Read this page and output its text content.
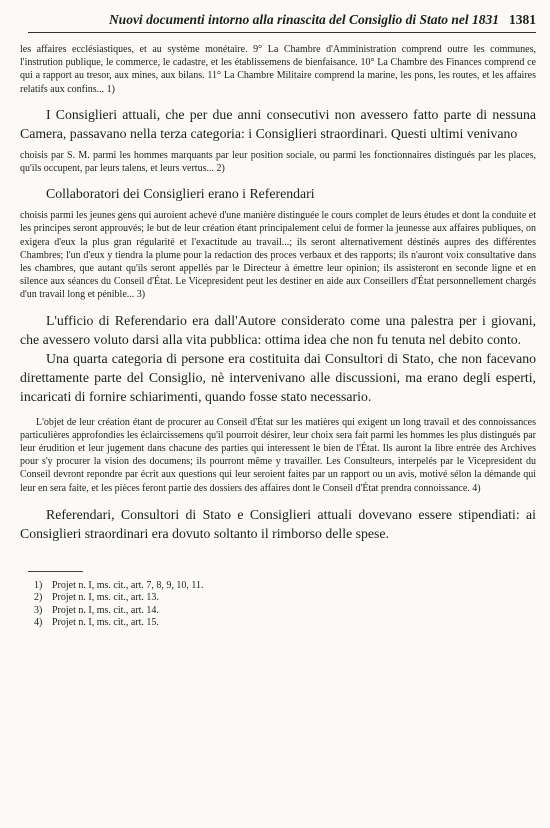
Nuovi documenti intorno alla rinascita del Consiglio di Stato nel 1831 1381

les affaires ecclésiastiques, et au système monétaire. 9° La Chambre d'Amministration comprend outre les communes, l'instrution publique, le commerce, le cadastre, et les établissemens de bienfaisance. 10° La Chambre des Finances comprend ce qui a rapport au tresor, aux mines, aux bilans. 11° La Chambre Militaire comprend la marine, les pons, les routes, et les affaires relatifs aux confins... 1)

I Consiglieri attuali, che per due anni consecutivi non avessero fatto parte di nessuna Camera, passavano nella terza categoria: i Consiglieri straordinari. Questi ultimi venivano

choisis par S. M. parmi les hommes marquants par leur position sociale, ou parmi les fonctionnaires distingués par les places, qu'ils occupent, par leurs talens, et leurs vertus... 2)

Collaboratori dei Consiglieri erano i Referendari

choisis parmi les jeunes gens qui auroient achevé d'une manière distinguée le cours complet de leurs études et dont la conduite et les principes seront approuvés; le but de leur création étant principalement celui de former la jeunesse aux affaires publiques, on exigera d'eux la plus gran régularité et l'exactitude au travail...; ils seront alternativement déstinés aupres des différentes Chambres; l'un d'eux y tiendra la plume pour la redaction des proces verbaux et des rapports; ils n'auront voix consultative dans les chambres, que autant qu'ils seront appellés par le Directeur à émettre leur opinion; ils assisteront en seconde ligne et en silence aux séances du Conseil d'État. Le Vicepresident peut les destiner en aide aux Conseillers d'État personnellement chargés d'un travail long et pénible... 3)

L'ufficio di Referendario era dall'Autore considerato come una palestra per i giovani, che avessero voluto darsi alla vita pubblica: ottima idea che non fu tenuta nel debito conto.

Una quarta categoria di persone era costituita dai Consultori di Stato, che non facevano direttamente parte del Consiglio, nè intervenivano alle discussioni, ma erano degli esperti, incaricati di fornire schiarimenti, quando fosse stato necessario.

L'objet de leur création étant de procurer au Conseil d'État sur les matières qui exigent un long travail et des connoissances particulières approfondies les éclaircissemens qu'il pourroit désirer, leur choix sera fait parmi les hommes les plus distingués par leur érudition et leur jugement dans chacune des parties qui interessent le bien de l'État. Ils auront la libre entrée des Archives pour s'y procurer la vision des documens; ils pourront même y travailler. Les Consulteurs, interpelés par le Vicepresident du Conseil devront repondre par écrit aux questions qui leur seroient faites par un rapport ou un avis, motivé sélon la démande qui leur en sera faite, et les pièces feront partie des dossiers des affaires dont le Conseil d'État prendra connoissance. 4)

Referendari, Consultori di Stato e Consiglieri attuali dovevano essere stipendiati: ai Consiglieri straordinari era dovuto soltanto il rimborso delle spese.

1) Projet n. I, ms. cit., art. 7, 8, 9, 10, 11.
2) Projet n. I, ms. cit., art. 13.
3) Projet n. I, ms. cit., art. 14.
4) Projet n. I, ms. cit., art. 15.
